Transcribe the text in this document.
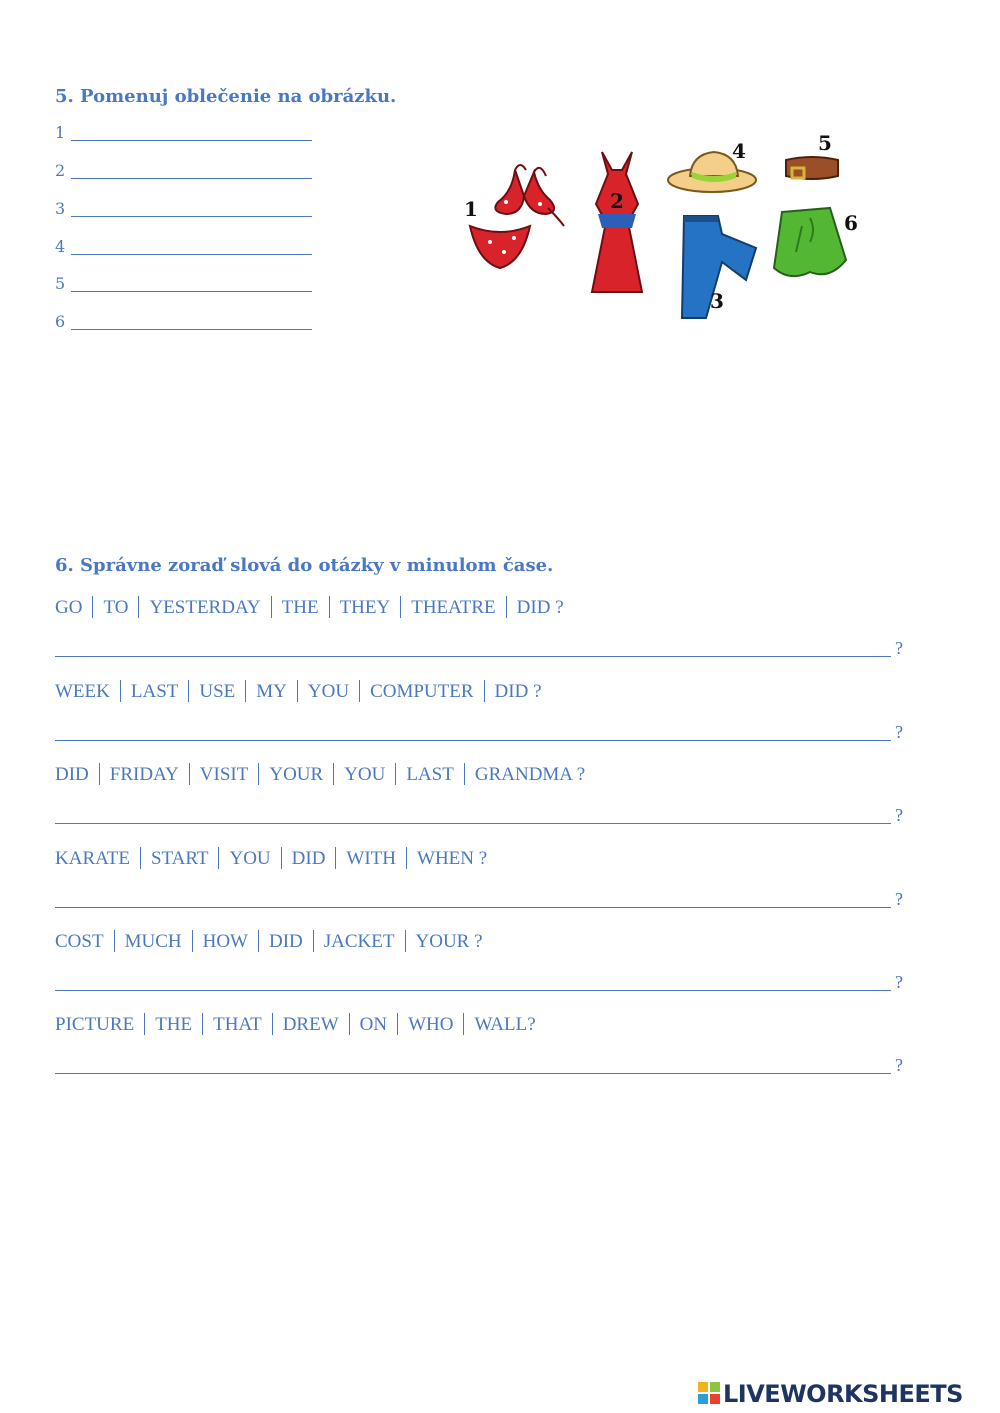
5. Pomenuj oblečenie na obrázku.
1
2
3
4
5
6
1	2
3
4	5
6
6. Správne zoraď slová do otázky v minulom čase.
GO TO YESTERDAY THE THEY THEATRE DID ?
?
WEEK LAST USE MY YOU COMPUTER DID ?
?
DID FRIDAY VISIT YOUR YOU LAST GRANDMA ?
?
KARATE START YOU DID WITH WHEN ?
?
COST MUCH HOW DID JACKET YOUR ?
?
PICTURE THE THAT DREW ON WHO WALL?
?
LIVEWORKSHEETS
